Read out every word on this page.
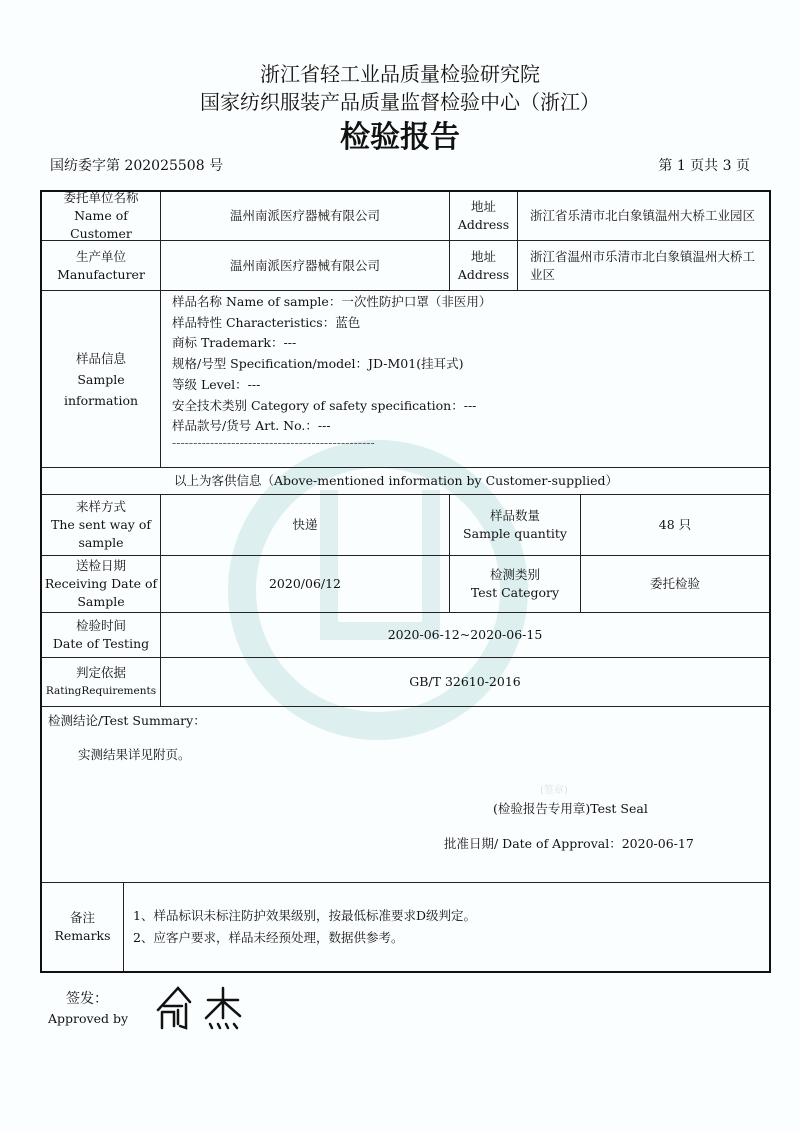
浙江省轻工业品质量检验研究院
国家纺织服装产品质量监督检验中心（浙江）
检验报告
国纺委字第 202025508 号	第 1 页共 3 页
委托单位名称
Name of Customer
温州南派医疗器械有限公司
地址
Address
浙江省乐清市北白象镇温州大桥工业园区
生产单位
Manufacturer
温州南派医疗器械有限公司
地址
Address
浙江省温州市乐清市北白象镇温州大桥工业区
样品信息
Sample
information
样品名称 Name of sample：一次性防护口罩（非医用）
样品特性 Characteristics：蓝色
商标 Trademark：---
规格/号型 Specification/model：JD-M01(挂耳式)
等级 Level：---
安全技术类别 Category of safety specification：---
样品款号/货号 Art. No.：---
------------------------------------------------
以上为客供信息（Above-mentioned information by Customer-supplied）
来样方式
The sent way of sample
快递
样品数量
Sample quantity
48 只
送检日期
Receiving Date of Sample
2020/06/12
检测类别
Test Category
委托检验
检验时间
Date of Testing
2020-06-12~2020-06-15
判定依据
RatingRequirements
GB/T 32610-2016
检测结论/Test Summary：
实测结果详见附页。
(签章)
(检验报告专用章)Test Seal
批准日期/ Date of Approval：2020-06-17
备注
Remarks
1、样品标识未标注防护效果级别，按最低标准要求D级判定。
2、应客户要求，样品未经预处理，数据供参考。
签发：
Approved by
